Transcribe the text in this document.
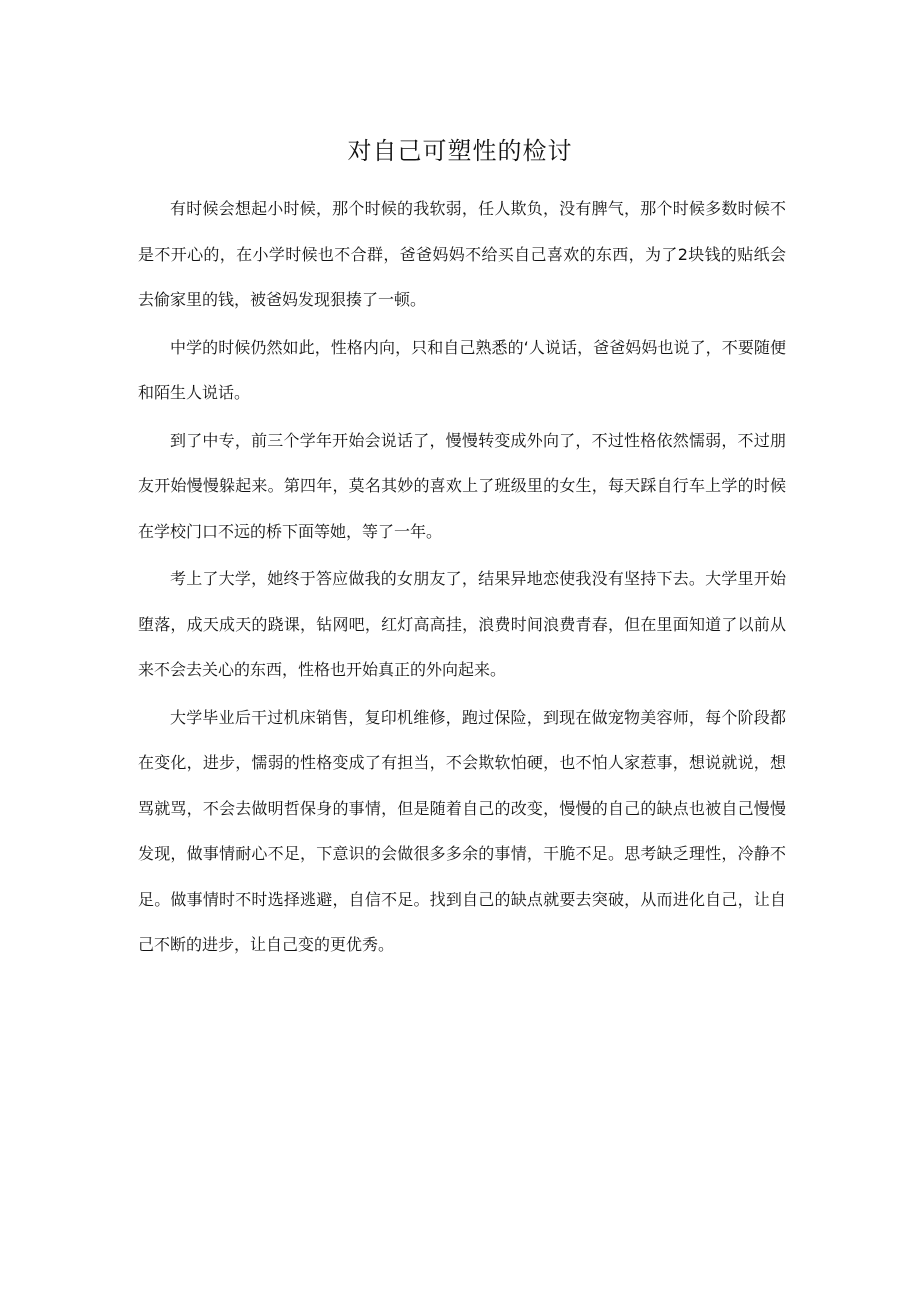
对自己可塑性的检讨

有时候会想起小时候，那个时候的我软弱，任人欺负，没有脾气，那个时候多数时候不是不开心的，在小学时候也不合群，爸爸妈妈不给买自己喜欢的东西，为了2块钱的贴纸会去偷家里的钱，被爸妈发现狠揍了一顿。

中学的时候仍然如此，性格内向，只和自己熟悉的‘人说话，爸爸妈妈也说了，不要随便和陌生人说话。

到了中专，前三个学年开始会说话了，慢慢转变成外向了，不过性格依然懦弱，不过朋友开始慢慢躲起来。第四年，莫名其妙的喜欢上了班级里的女生，每天踩自行车上学的时候在学校门口不远的桥下面等她，等了一年。

考上了大学，她终于答应做我的女朋友了，结果异地恋使我没有坚持下去。大学里开始堕落，成天成天的跷课，钻网吧，红灯高高挂，浪费时间浪费青春，但在里面知道了以前从来不会去关心的东西，性格也开始真正的外向起来。

大学毕业后干过机床销售，复印机维修，跑过保险，到现在做宠物美容师，每个阶段都在变化，进步，懦弱的性格变成了有担当，不会欺软怕硬，也不怕人家惹事，想说就说，想骂就骂，不会去做明哲保身的事情，但是随着自己的改变，慢慢的自己的缺点也被自己慢慢发现，做事情耐心不足，下意识的会做很多多余的事情，干脆不足。思考缺乏理性，冷静不足。做事情时不时选择逃避，自信不足。找到自己的缺点就要去突破，从而进化自己，让自己不断的进步，让自己变的更优秀。
